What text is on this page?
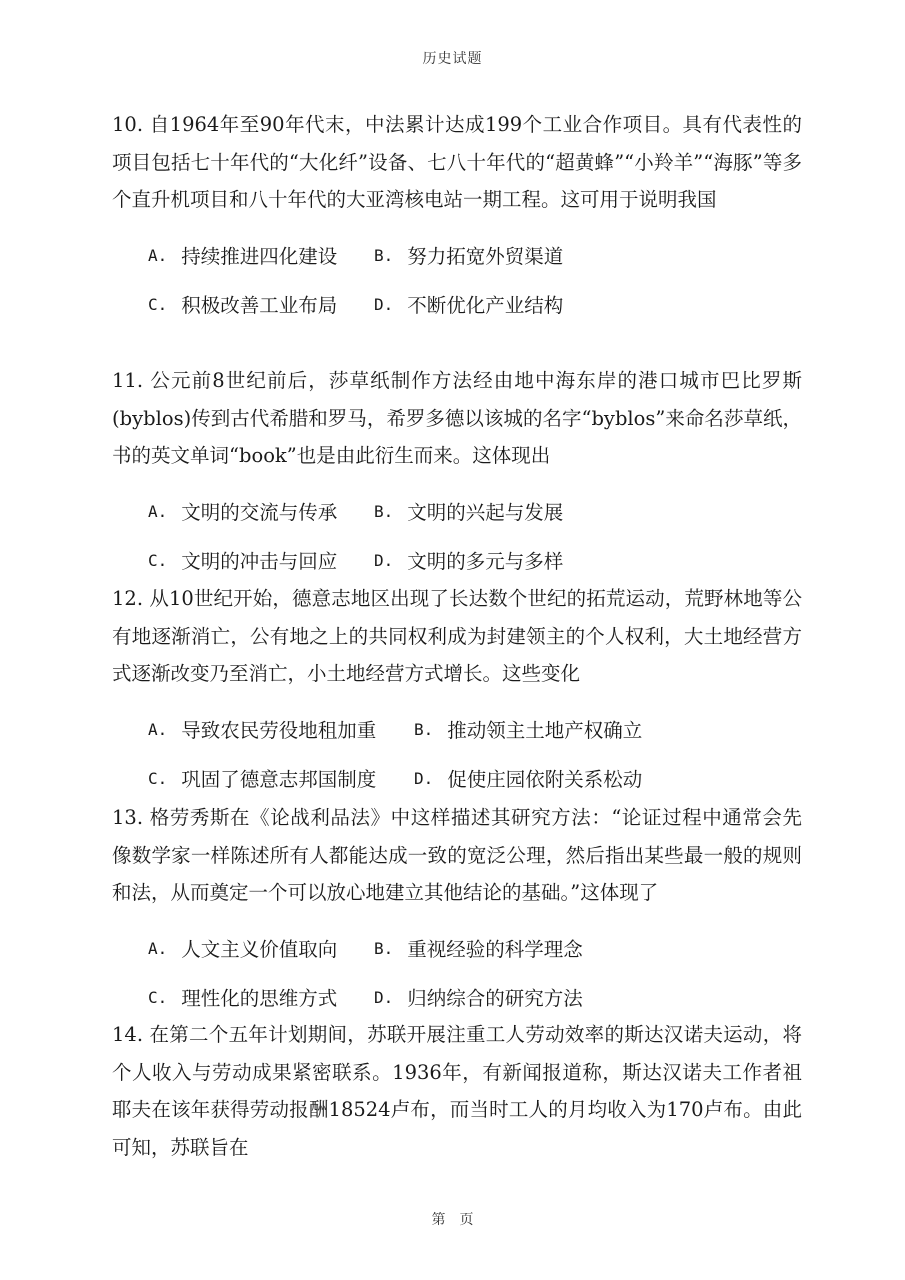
历史试题

10. 自1964年至90年代末，中法累计达成199个工业合作项目。具有代表性的项目包括七十年代的“大化纤”设备、七八十年代的“超黄蜂”“小羚羊”“海豚”等多个直升机项目和八十年代的大亚湾核电站一期工程。这可用于说明我国

A. 持续推进四化建设 B. 努力拓宽外贸渠道
C. 积极改善工业布局 D. 不断优化产业结构

11. 公元前8世纪前后，莎草纸制作方法经由地中海东岸的港口城市巴比罗斯(byblos)传到古代希腊和罗马，希罗多德以该城的名字“byblos”来命名莎草纸，书的英文单词“book”也是由此衍生而来。这体现出

A. 文明的交流与传承 B. 文明的兴起与发展
C. 文明的冲击与回应 D. 文明的多元与多样

12. 从10世纪开始，德意志地区出现了长达数个世纪的拓荒运动，荒野林地等公有地逐渐消亡，公有地之上的共同权利成为封建领主的个人权利，大土地经营方式逐渐改变乃至消亡，小土地经营方式增长。这些变化

A. 导致农民劳役地租加重 B. 推动领主土地产权确立
C. 巩固了德意志邦国制度 D. 促使庄园依附关系松动

13. 格劳秀斯在《论战利品法》中这样描述其研究方法：“论证过程中通常会先像数学家一样陈述所有人都能达成一致的宽泛公理，然后指出某些最一般的规则和法，从而奠定一个可以放心地建立其他结论的基础。”这体现了

A. 人文主义价值取向 B. 重视经验的科学理念
C. 理性化的思维方式 D. 归纳综合的研究方法

14. 在第二个五年计划期间，苏联开展注重工人劳动效率的斯达汉诺夫运动，将个人收入与劳动成果紧密联系。1936年，有新闻报道称，斯达汉诺夫工作者祖耶夫在该年获得劳动报酬18524卢布，而当时工人的月均收入为170卢布。由此可知，苏联旨在

第 页
